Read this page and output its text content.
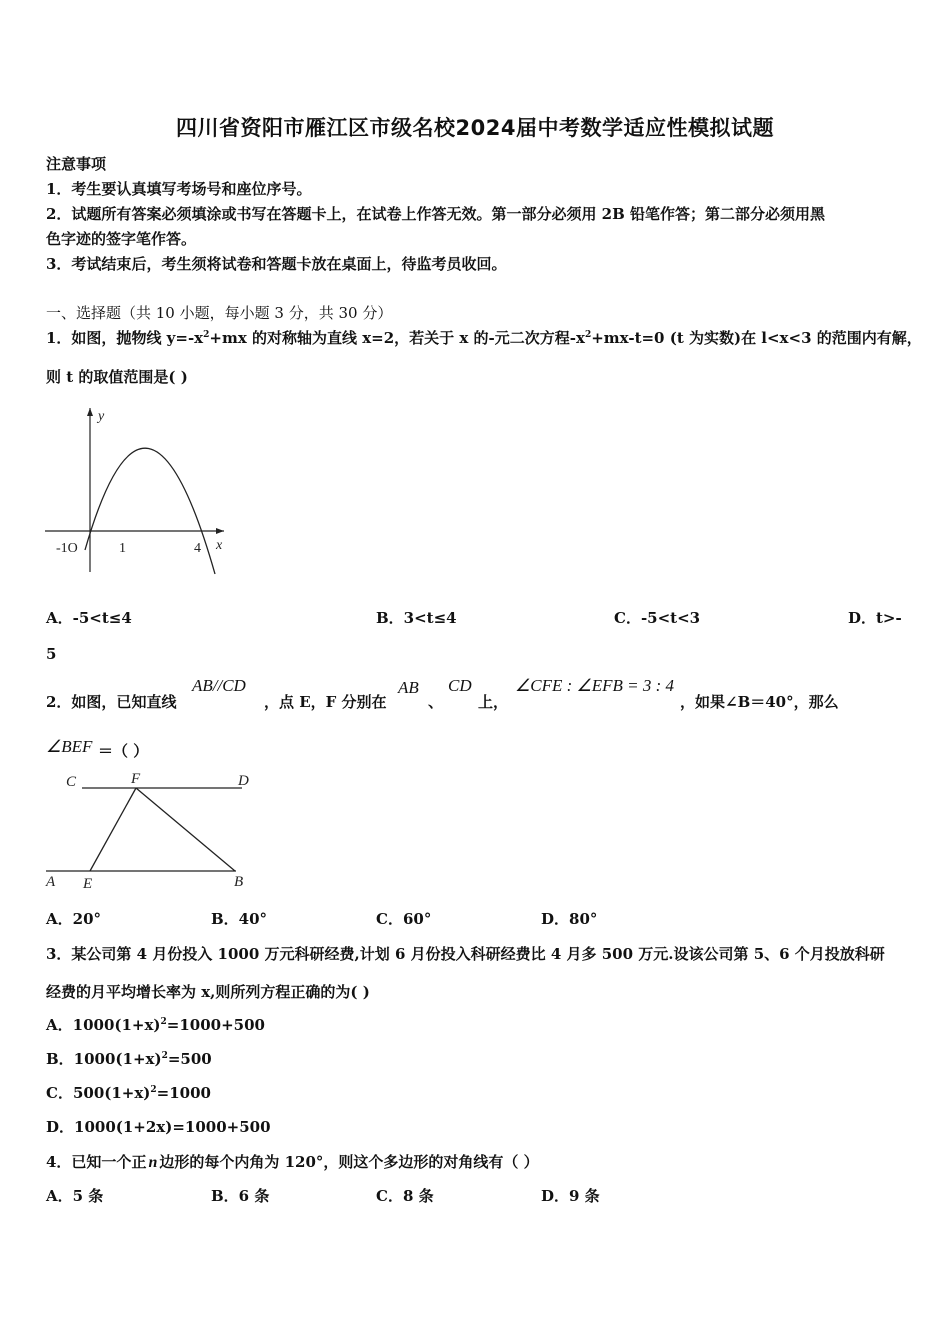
四川省资阳市雁江区市级名校2024届中考数学适应性模拟试题
注意事项
1．考生要认真填写考场号和座位序号。
2．试题所有答案必须填涂或书写在答题卡上，在试卷上作答无效。第一部分必须用 2B 铅笔作答；第二部分必须用黑
色字迹的签字笔作答。
3．考试结束后，考生须将试卷和答题卡放在桌面上，待监考员收回。
一、选择题（共 10 小题，每小题 3 分，共 30 分）
1．如图，抛物线 $y=-x^2+mx$ 的对称轴为直线 x=2，若关于 x 的-元二次方程$-x^2+mx-t=0$ (t 为实数)在 l<x<3 的范围内有解，
则 t 的取值范围是( )
y
x
-1O	1	4
A．-5<t≤4	B．3<t≤4	C．-5<t<3	D．t>-
5
2．如图，已知直线
AB//CD
，点 E，F 分别在
AB
、
CD
上，
∠CFE : ∠EFB = 3 : 4
，如果∠B＝40°，那么
∠BEF ＝（ ）
C	F	D
A E	B
A．20°	B．40°	C．60°	D．80°
3．某公司第 4 月份投入 1000 万元科研经费,计划 6 月份投入科研经费比 4 月多 500 万元.设该公司第 5、6 个月投放科研
经费的月平均增长率为 x,则所列方程正确的为( )
A．$1000(1+x)^2=1000+500$
B．$1000(1+x)^2=500$
C．$500(1+x)^2=1000$
D．1000(1+2x)=1000+500
4．已知一个正 n 边形的每个内角为 120°，则这个多边形的对角线有（ ）
A．5 条	B．6 条	C．8 条	D．9 条
